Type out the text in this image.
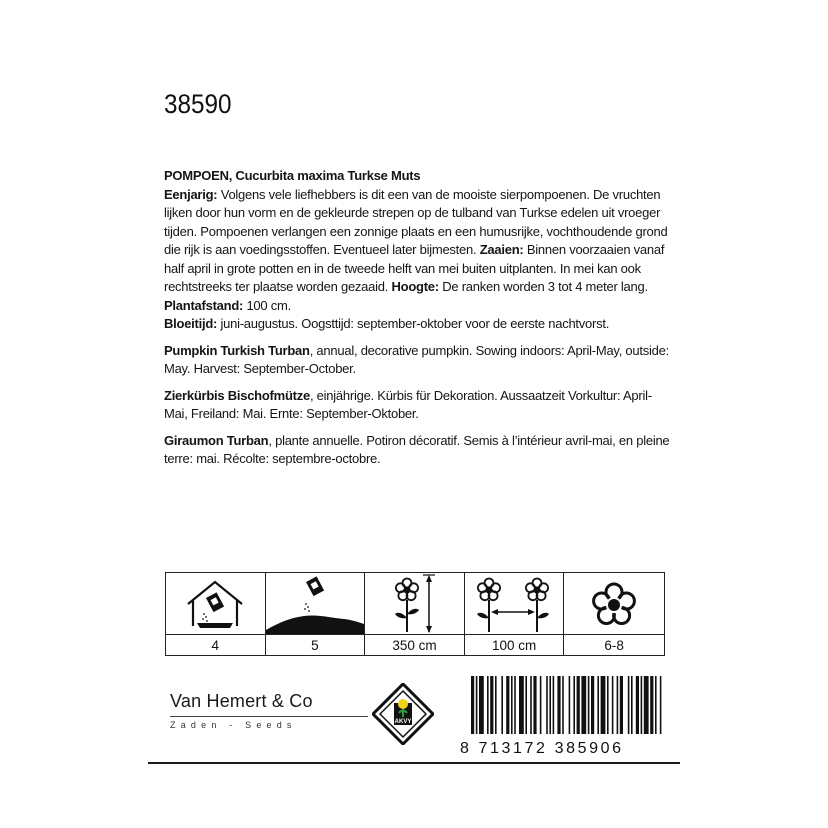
38590

POMPOEN, Cucurbita maxima Turkse Muts
Eenjarig: Volgens vele liefhebbers is dit een van de mooiste sierpompoenen. De vruchten lijken door hun vorm en de gekleurde strepen op de tulband van Turkse edelen uit vroeger tijden. Pompoenen verlangen een zonnige plaats en een humusrijke, vochthoudende grond die rijk is aan voedingsstoffen. Eventueel later bijmesten. Zaaien: Binnen voorzaaien vanaf half april in grote potten en in de tweede helft van mei buiten uitplanten. In mei kan ook rechtstreeks ter plaatse worden gezaaid. Hoogte: De ranken worden 3 tot 4 meter lang. Plantafstand: 100 cm.
Bloeitijd: juni-augustus. Oogsttijd: september-oktober voor de eerste nachtvorst.

Pumpkin Turkish Turban, annual, decorative pumpkin. Sowing indoors: April-May, outside: May. Harvest: September-October.

Zierkürbis Bischofmütze, einjährige. Kürbis für Dekoration. Aussaatzeit Vorkultur: April-Mai, Freiland: Mai. Ernte: September-Oktober.

Giraumon Turban, plante annuelle. Potiron décoratif. Semis à l’intérieur avril-mai, en pleine terre: mai. Récolte: septembre-octobre.

4	5	350 cm	100 cm	6-8
Van Hemert & Co
Zaden - Seeds	AKVY
8 713172 385906
